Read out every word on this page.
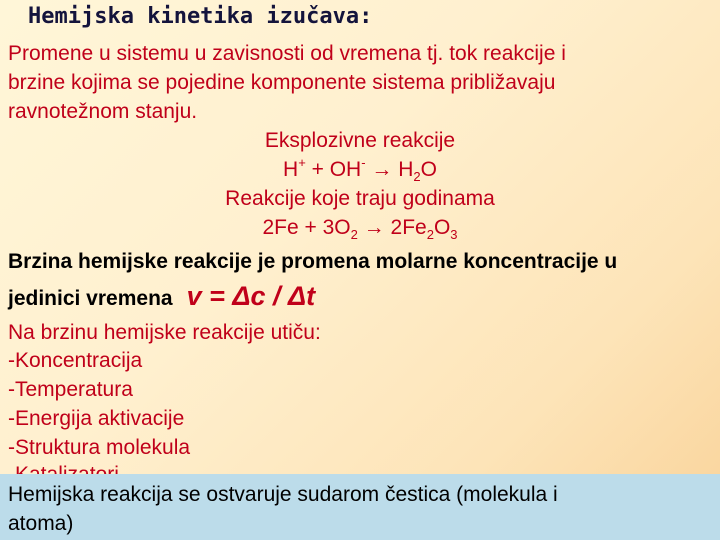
Hemijska kinetika izučava:
Promene u sistemu u zavisnosti od vremena tj. tok reakcije i
brzine kojima se pojedine komponente sistema približavaju
ravnotežnom stanju.
Eksplozivne reakcije
$H^+ + OH^- \to H_2O$
Reakcije koje traju godinama
$2Fe + 3O_2 \to 2Fe_2O_3$
Brzina hemijske reakcije je promena molarne koncentracije u
jedinici vremena v = Δc / Δt
Na brzinu hemijske reakcije utiču:
-Koncentracija
-Temperatura
-Energija aktivacije
-Struktura molekula
Hemijska reakcija se ostvaruje sudarom čestica (molekula i
atoma)
